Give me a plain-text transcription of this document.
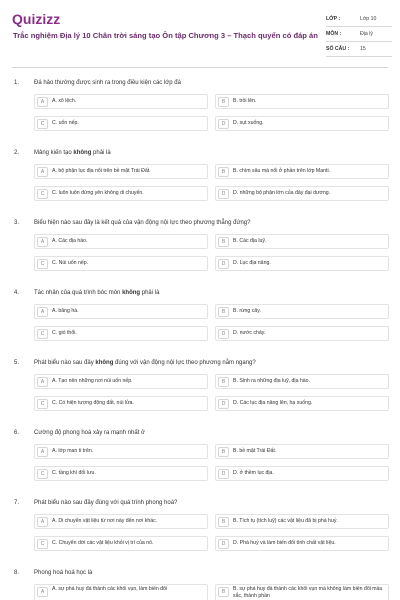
Quizizz
Trắc nghiệm Địa lý 10 Chân trời sáng tạo Ôn tập Chương 3 – Thạch quyển có đáp án
LỚP :	Lớp 10
MÔN :	Địa lý
SỐ CÂU :	15
1. Đá hảo thường được sinh ra trong điều kiện các lớp đá
A	A. xô lệch.	B	B. trồi lên.
C	C. uốn nếp.	D	D. sụt xuống.
2. Mảng kiến tạo không phải là
A	A. bộ phận lục địa nổi trên bề mặt Trái Đất.	B	B. chìm sâu mà nổi ở phần trên lớp Manti.
C	C. luôn luôn đứng yên không di chuyển.	D	D. những bộ phận lớn của đáy đại dương.
3. Biểu hiện nào sau đây là kết quả của vận động nội lực theo phương thẳng đứng?
A	A. Các địa hào.	B	B. Các địa luỹ.
C	C. Núi uốn nếp.	D	D. Lục địa nâng.
4. Tác nhân của quá trình bóc mòn không phải là
A	A. băng hà.	B	B. rừng cây.
C	C. gió thổi.	D	D. nước chảy.
5. Phát biểu nào sau đây không đúng với vận động nội lực theo phương nằm ngang?
A	A. Tạo nên những nơi núi uốn nếp.	B	B. Sinh ra những địa luỹ, địa hào.
C	C. Có hiện tượng động đất, núi lửa.	D	D. Các lục địa nâng lên, hạ xuống.
6. Cường độ phong hoá xảy ra mạnh nhất ở
A	A. lớp man ti trên.	B	B. bề mặt Trái Đất.
C	C. tầng khí đối lưu.	D	D. ở thềm lục địa.
7. Phát biểu nào sau đây đúng với quá trình phong hoá?
A	A. Di chuyển vật liệu từ nơi này đến nơi khác.	B	B. Tích tụ (tích luỹ) các vật liệu đã bị phá huỷ.
C	C. Chuyển dời các vật liệu khỏi vị trí của nó.	D	D. Phá huỷ và làm biến đổi tính chất vật liệu.
8. Phong hoá hoá học là
A	A. sự phá huỷ đá thành các khối vụn, làm biến đổi	B	B. sự phá huỷ đá thành các khối vụn mà không làm biến đổi màu sắc, thành phần
